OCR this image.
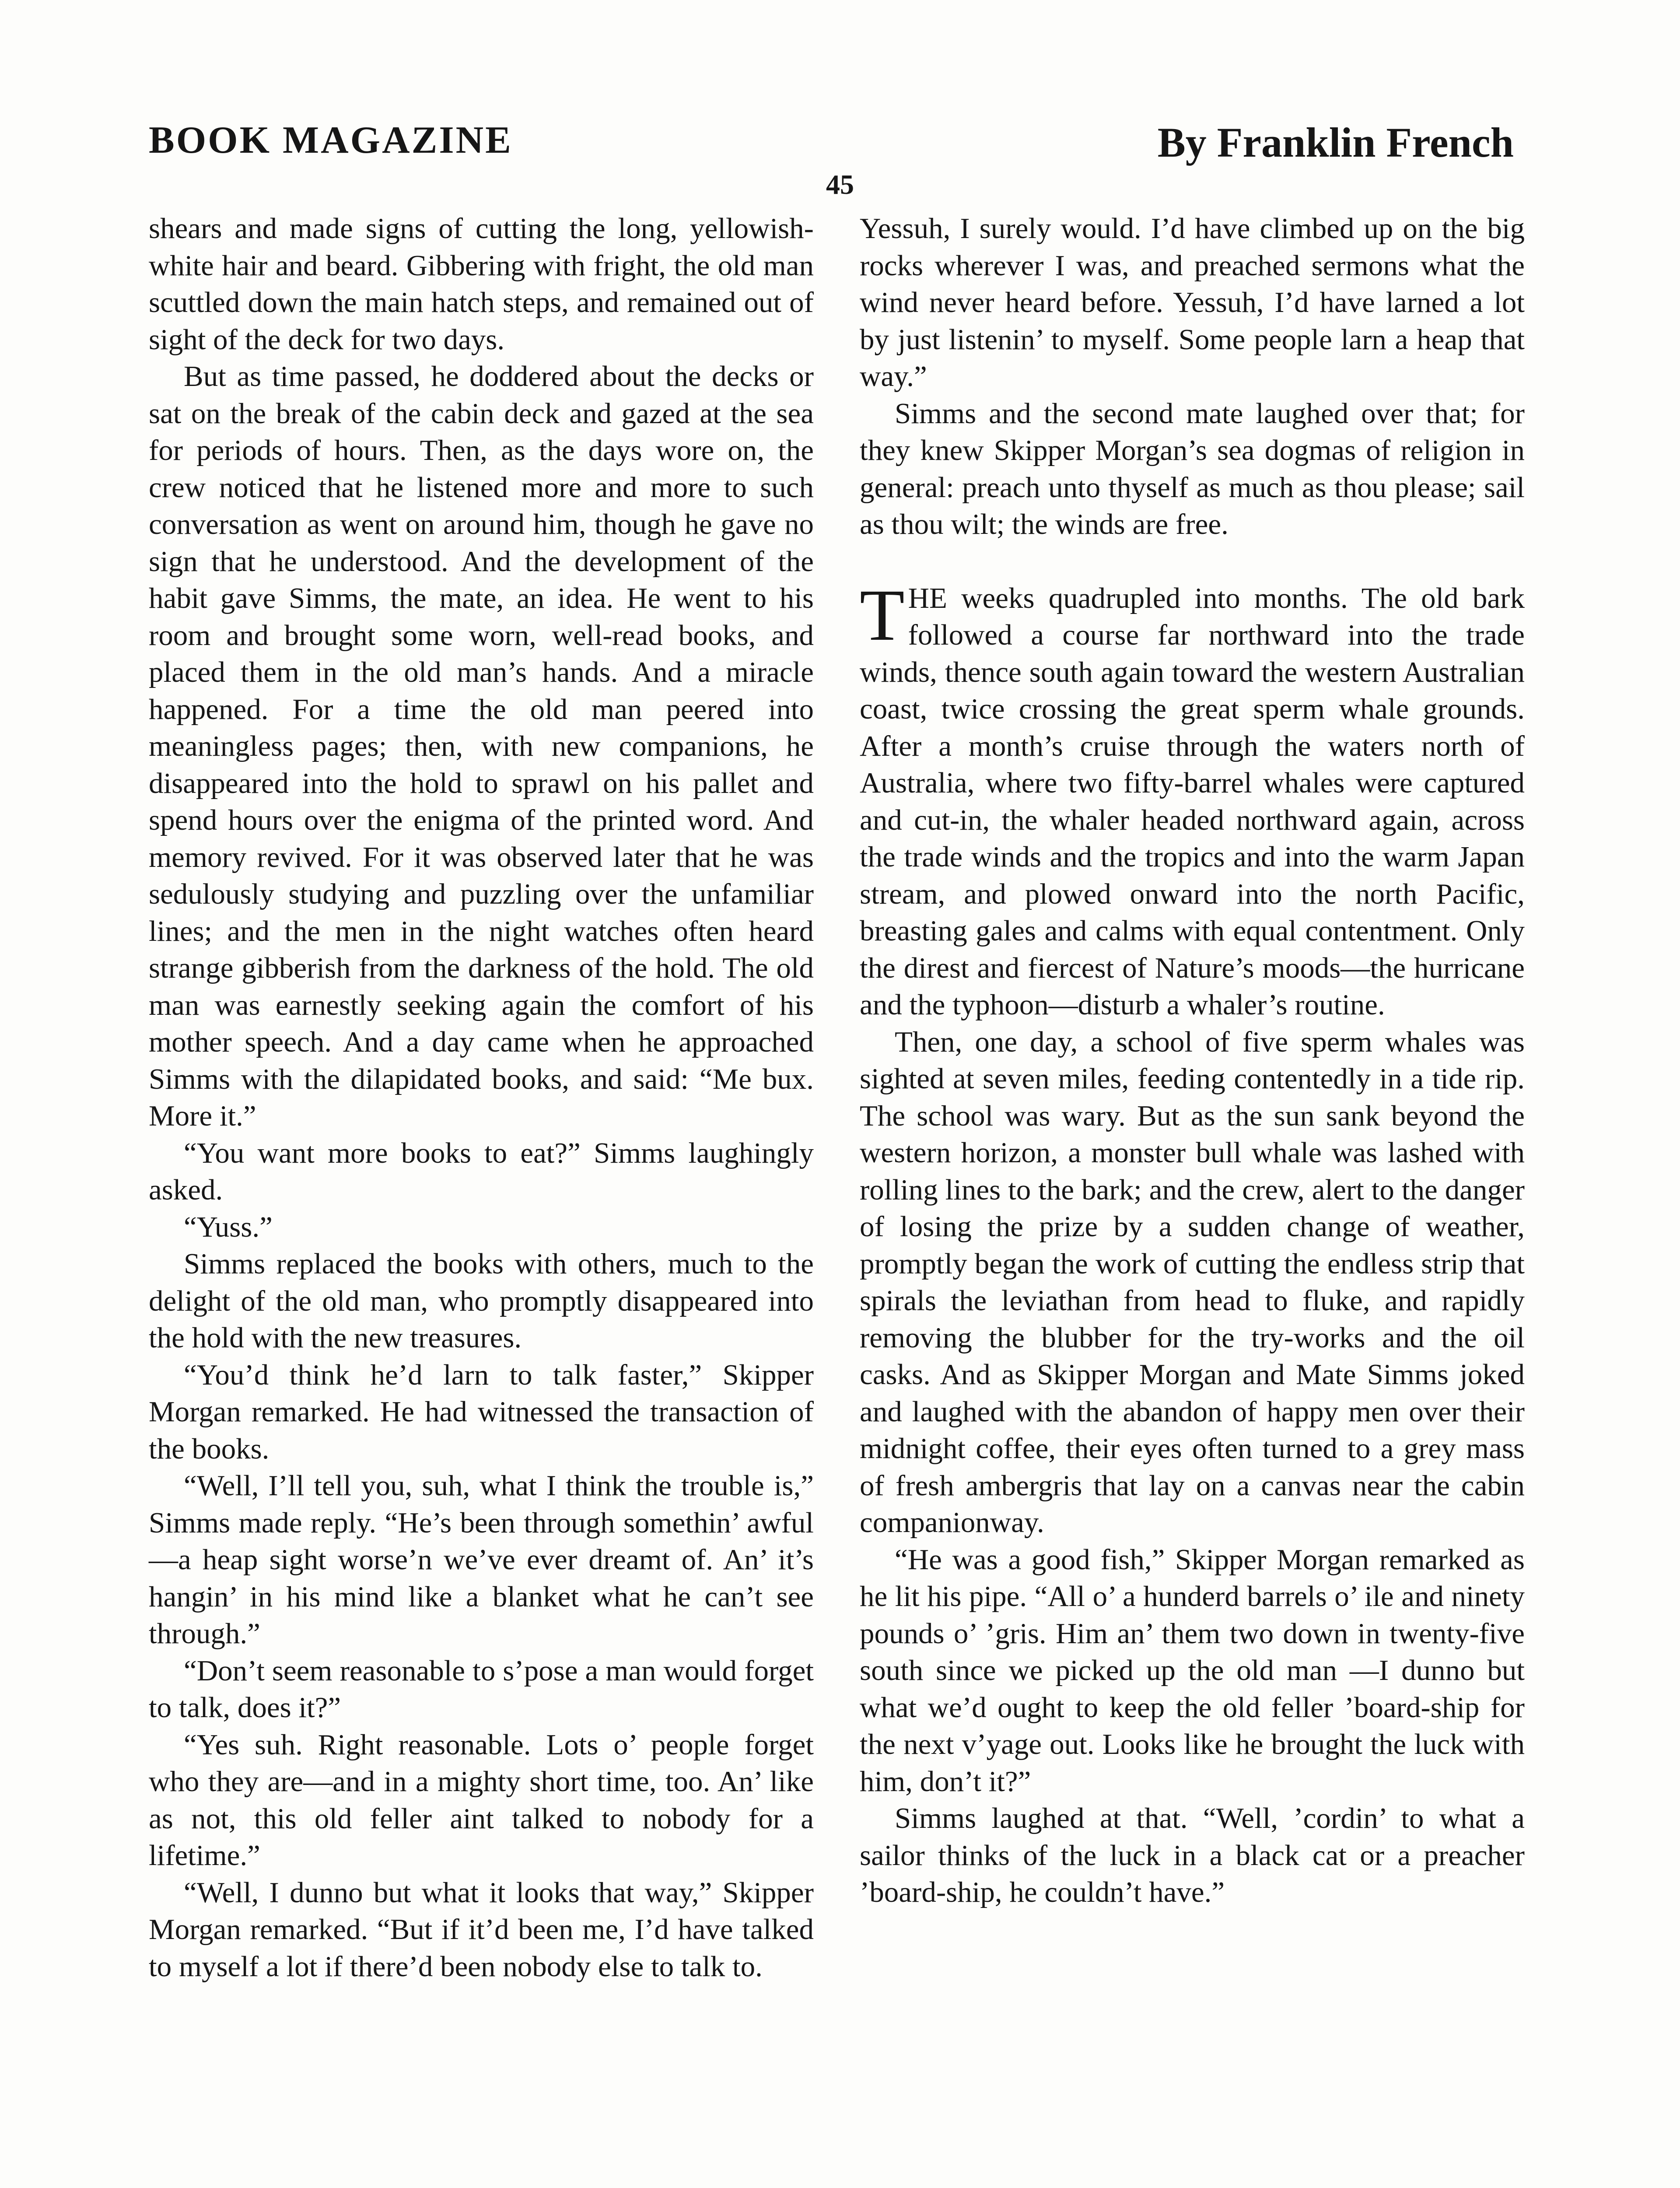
BOOK MAGAZINE	By Franklin French
45

shears and made signs of cutting the long, yellowish-white hair and beard. Gibbering with fright, the old man scuttled down the main hatch steps, and remained out of sight of the deck for two days.

But as time passed, he doddered about the decks or sat on the break of the cabin deck and gazed at the sea for periods of hours. Then, as the days wore on, the crew noticed that he listened more and more to such conversation as went on around him, though he gave no sign that he understood. And the development of the habit gave Simms, the mate, an idea. He went to his room and brought some worn, well-read books, and placed them in the old man’s hands. And a miracle happened. For a time the old man peered into meaningless pages; then, with new companions, he disappeared into the hold to sprawl on his pallet and spend hours over the enigma of the printed word. And memory revived. For it was observed later that he was sedulously studying and puzzling over the unfamiliar lines; and the men in the night watches often heard strange gibberish from the darkness of the hold. The old man was earnestly seeking again the comfort of his mother speech. And a day came when he approached Simms with the dilapidated books, and said: “Me bux. More it.”

“You want more books to eat?” Simms laughingly asked.

“Yuss.”

Simms replaced the books with others, much to the delight of the old man, who promptly disappeared into the hold with the new treasures.

“You’d think he’d larn to talk faster,” Skipper Morgan remarked. He had witnessed the transaction of the books.

“Well, I’ll tell you, suh, what I think the trouble is,” Simms made reply. “He’s been through somethin’ awful—a heap sight worse’n we’ve ever dreamt of. An’ it’s hangin’ in his mind like a blanket what he can’t see through.”

“Don’t seem reasonable to s’pose a man would forget to talk, does it?”

“Yes suh. Right reasonable. Lots o’ people forget who they are—and in a mighty short time, too. An’ like as not, this old feller aint talked to nobody for a lifetime.”

“Well, I dunno but what it looks that way,” Skipper Morgan remarked. “But if it’d been me, I’d have talked to myself a lot if there’d been nobody else to talk to.

Yessuh, I surely would. I’d have climbed up on the big rocks wherever I was, and preached sermons what the wind never heard before. Yessuh, I’d have larned a lot by just listenin’ to myself. Some people larn a heap that way.”

Simms and the second mate laughed over that; for they knew Skipper Morgan’s sea dogmas of religion in general: preach unto thyself as much as thou please; sail as thou wilt; the winds are free.

THE weeks quadrupled into months. The old bark followed a course far northward into the trade winds, thence south again toward the western Australian coast, twice crossing the great sperm whale grounds. After a month’s cruise through the waters north of Australia, where two fifty-barrel whales were captured and cut-in, the whaler headed northward again, across the trade winds and the tropics and into the warm Japan stream, and plowed onward into the north Pacific, breasting gales and calms with equal contentment. Only the direst and fiercest of Nature’s moods—the hurricane and the typhoon—disturb a whaler’s routine.

Then, one day, a school of five sperm whales was sighted at seven miles, feeding contentedly in a tide rip. The school was wary. But as the sun sank beyond the western horizon, a monster bull whale was lashed with rolling lines to the bark; and the crew, alert to the danger of losing the prize by a sudden change of weather, promptly began the work of cutting the endless strip that spirals the leviathan from head to fluke, and rapidly removing the blubber for the try-works and the oil casks. And as Skipper Morgan and Mate Simms joked and laughed with the abandon of happy men over their midnight coffee, their eyes often turned to a grey mass of fresh ambergris that lay on a canvas near the cabin companionway.

“He was a good fish,” Skipper Morgan remarked as he lit his pipe. “All o’ a hunderd barrels o’ ile and ninety pounds o’ ’gris. Him an’ them two down in twenty-five south since we picked up the old man —I dunno but what we’d ought to keep the old feller ’board-ship for the next v’yage out. Looks like he brought the luck with him, don’t it?”

Simms laughed at that. “Well, ’cordin’ to what a sailor thinks of the luck in a black cat or a preacher ’board-ship, he couldn’t have.”
